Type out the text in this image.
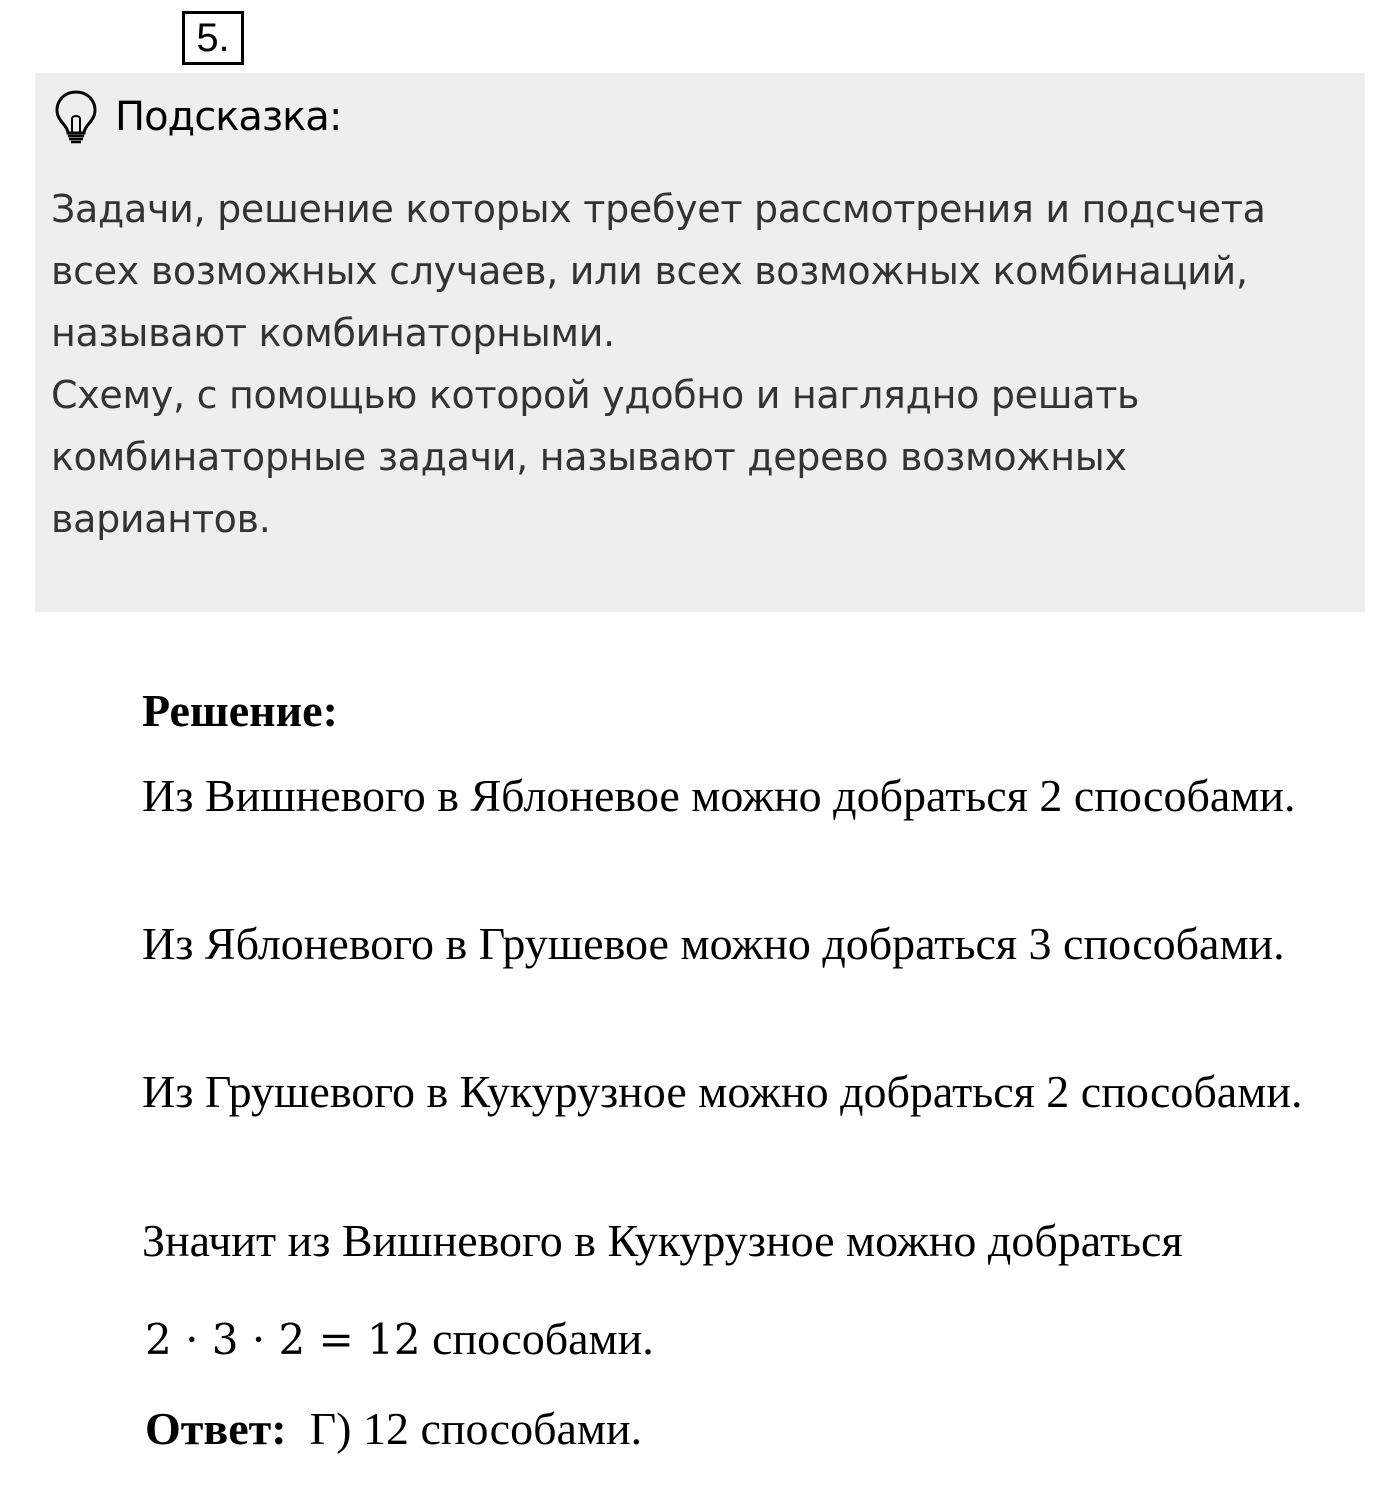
5.
Подсказка:

Задачи, решение которых требует рассмотрения и подсчета всех возможных случаев, или всех возможных комбинаций, называют комбинаторными.

Схему, с помощью которой удобно и наглядно решать комбинаторные задачи, называют дерево возможных вариантов.

Решение:

Из Вишневого в Яблоневое можно добраться 2 способами.

Из Яблоневого в Грушевое можно добраться 3 способами.

Из Грушевого в Кукурузное можно добраться 2 способами.

Значит из Вишневого в Кукурузное можно добраться

2 · 3 · 2 = 12 способами.

Ответ: Г) 12 способами.
